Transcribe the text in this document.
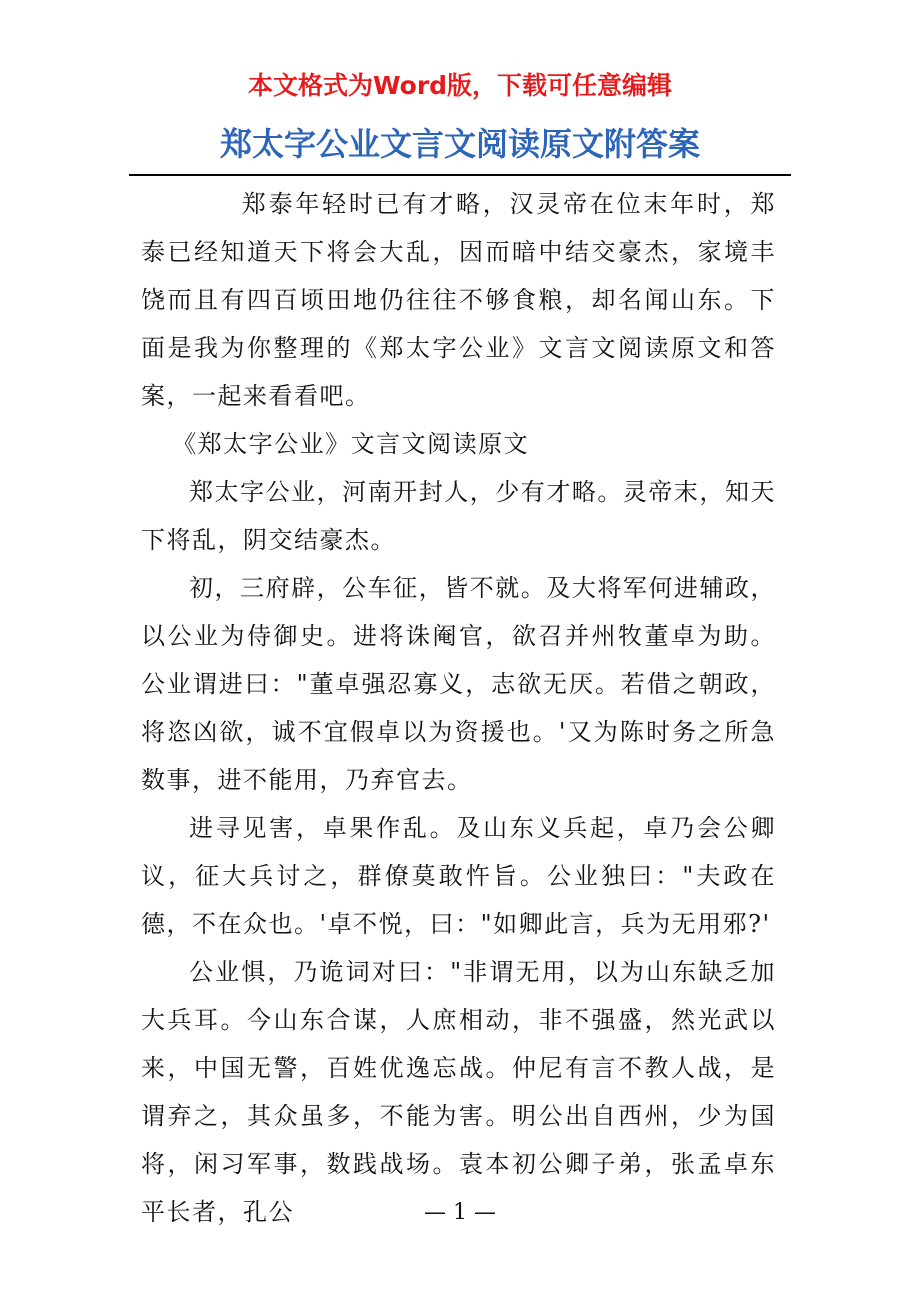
本文格式为Word版，下载可任意编辑
郑太字公业文言文阅读原文附答案

郑泰年轻时已有才略，汉灵帝在位末年时，郑泰已经知道天下将会大乱，因而暗中结交豪杰，家境丰饶而且有四百顷田地仍往往不够食粮，却名闻山东。下面是我为你整理的《郑太字公业》文言文阅读原文和答案，一起来看看吧。

《郑太字公业》文言文阅读原文

郑太字公业，河南开封人，少有才略。灵帝末，知天下将乱，阴交结豪杰。

初，三府辟，公车征，皆不就。及大将军何进辅政，以公业为侍御史。进将诛阉官，欲召并州牧董卓为助。公业谓进曰："董卓强忍寡义，志欲无厌。若借之朝政，将恣凶欲，诚不宜假卓以为资援也。'又为陈时务之所急数事，进不能用，乃弃官去。

进寻见害，卓果作乱。及山东义兵起，卓乃会公卿议，征大兵讨之，群僚莫敢忤旨。公业独曰："夫政在德，不在众也。'卓不悦，曰："如卿此言，兵为无用邪?'

公业惧，乃诡词对曰："非谓无用，以为山东缺乏加大兵耳。今山东合谋，人庶相动，非不强盛，然光武以来，中国无警，百姓优逸忘战。仲尼有言不教人战，是谓弃之，其众虽多，不能为害。明公出自西州，少为国将，闲习军事，数践战场。袁本初公卿子弟，张孟卓东平长者，孔公	— 1 —
